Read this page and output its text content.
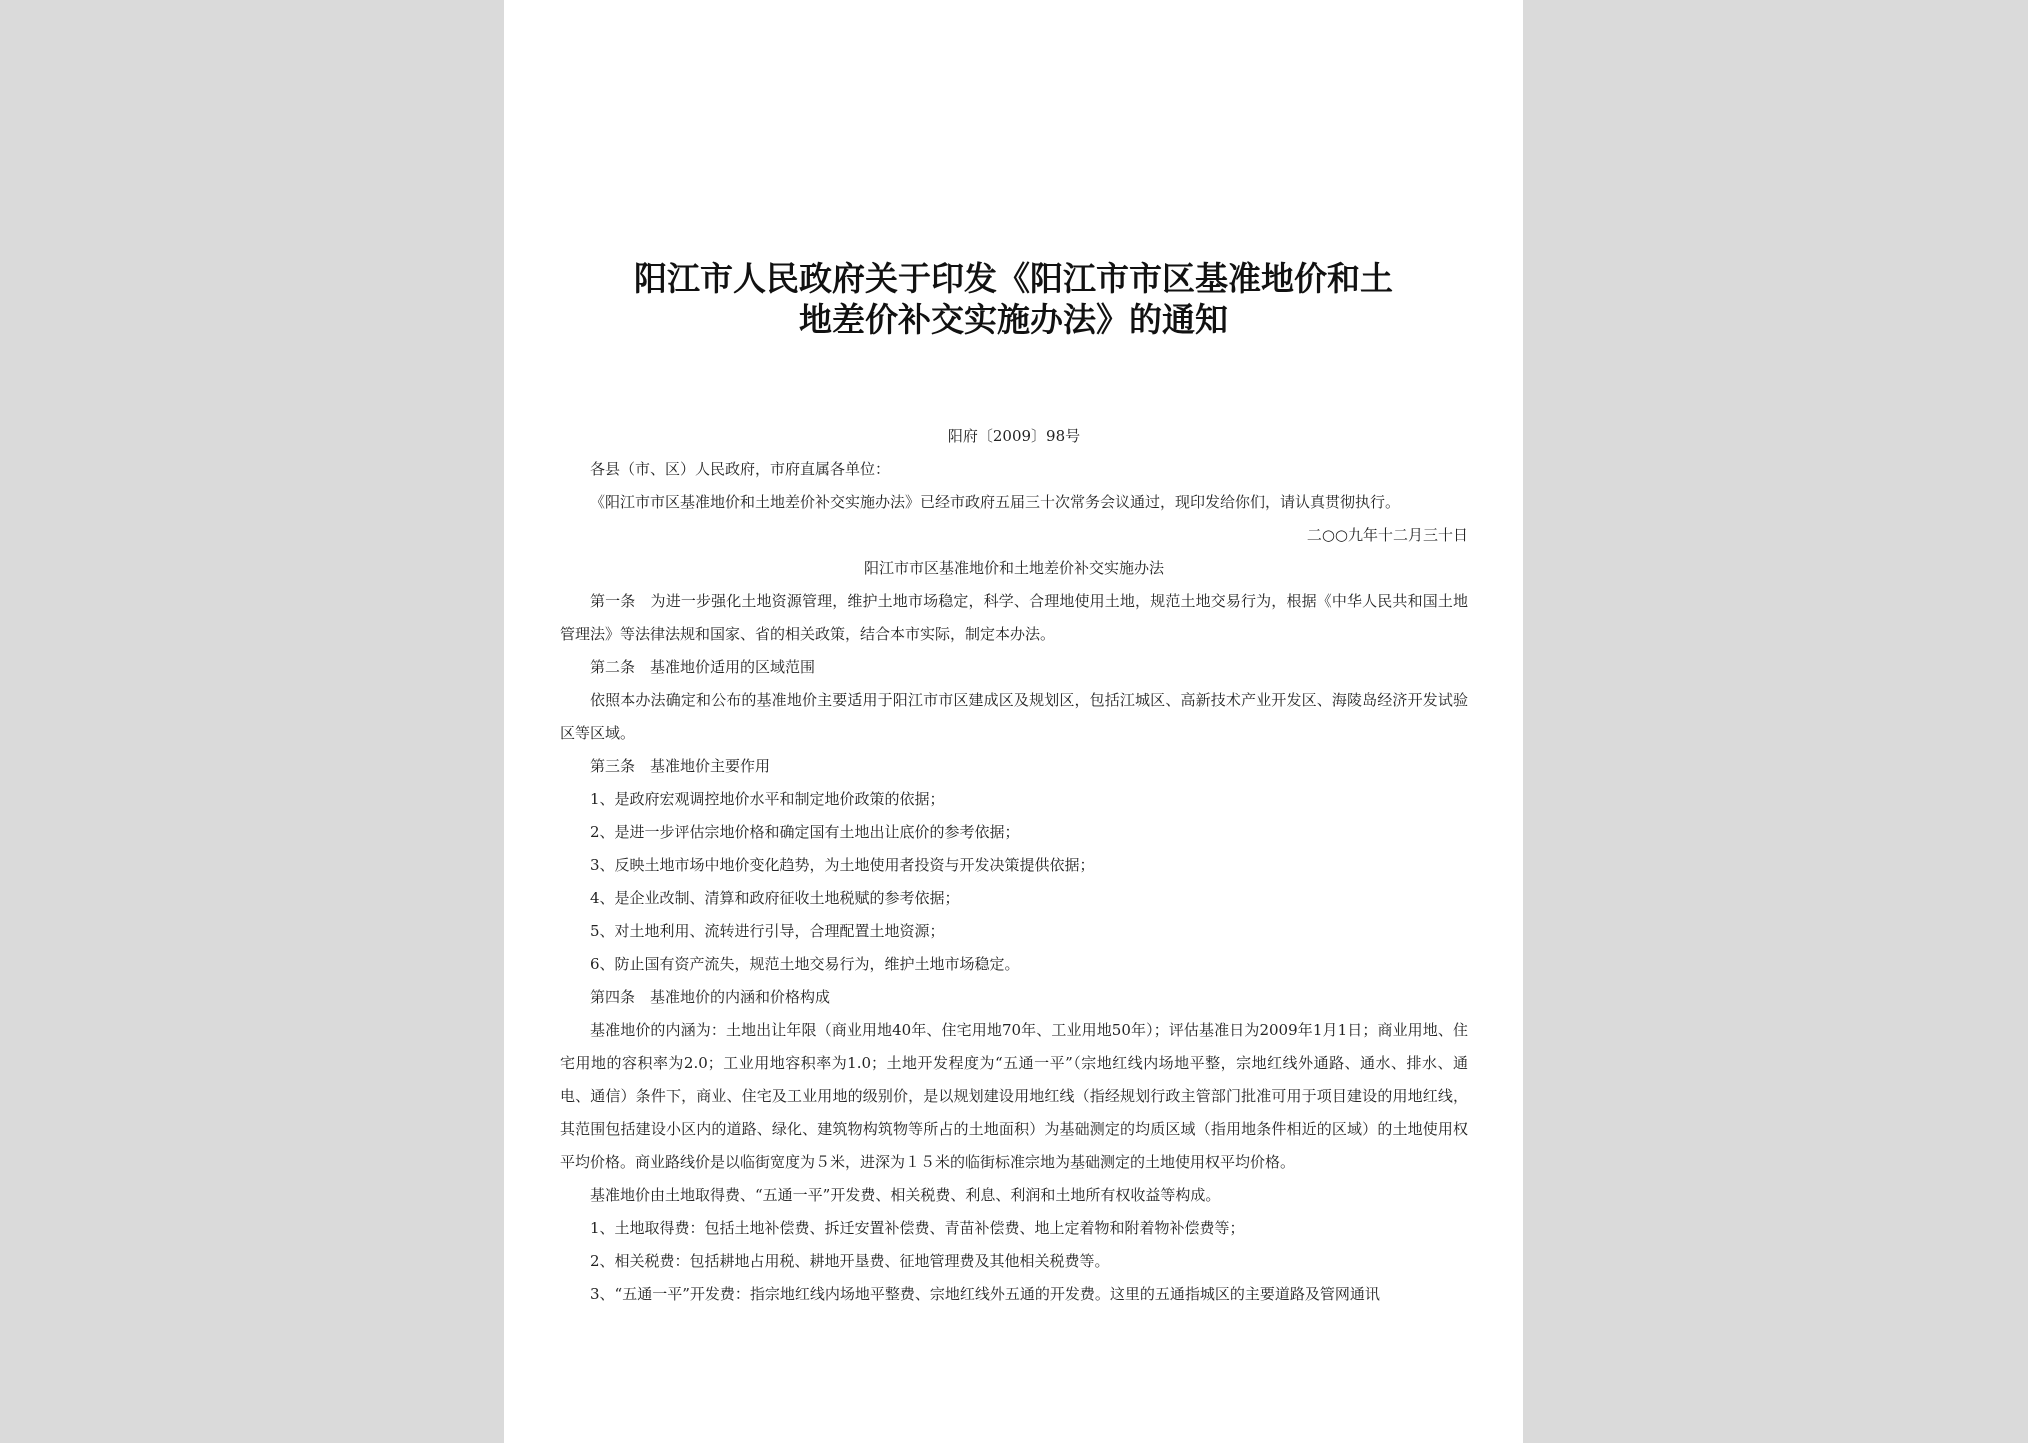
阳江市人民政府关于印发《阳江市市区基准地价和土
地差价补交实施办法》的通知

阳府〔2009〕98号

各县（市、区）人民政府，市府直属各单位：

《阳江市市区基准地价和土地差价补交实施办法》已经市政府五届三十次常务会议通过，现印发给你们，请认真贯彻执行。

二○○九年十二月三十日

阳江市市区基准地价和土地差价补交实施办法

第一条　为进一步强化土地资源管理，维护土地市场稳定，科学、合理地使用土地，规范土地交易行为，根据《中华人民共和国土地管理法》等法律法规和国家、省的相关政策，结合本市实际，制定本办法。

第二条　基准地价适用的区域范围

依照本办法确定和公布的基准地价主要适用于阳江市市区建成区及规划区，包括江城区、高新技术产业开发区、海陵岛经济开发试验区等区域。

第三条　基准地价主要作用

1、是政府宏观调控地价水平和制定地价政策的依据；

2、是进一步评估宗地价格和确定国有土地出让底价的参考依据；

3、反映土地市场中地价变化趋势，为土地使用者投资与开发决策提供依据；

4、是企业改制、清算和政府征收土地税赋的参考依据；

5、对土地利用、流转进行引导，合理配置土地资源；

6、防止国有资产流失，规范土地交易行为，维护土地市场稳定。

第四条　基准地价的内涵和价格构成

基准地价的内涵为：土地出让年限（商业用地40年、住宅用地70年、工业用地50年）；评估基准日为2009年1月1日；商业用地、住宅用地的容积率为2.0；工业用地容积率为1.0；土地开发程度为“五通一平”（宗地红线内场地平整，宗地红线外通路、通水、排水、通电、通信）条件下，商业、住宅及工业用地的级别价，是以规划建设用地红线（指经规划行政主管部门批准可用于项目建设的用地红线，其范围包括建设小区内的道路、绿化、建筑物构筑物等所占的土地面积）为基础测定的均质区域（指用地条件相近的区域）的土地使用权平均价格。商业路线价是以临街宽度为５米，进深为１５米的临街标准宗地为基础测定的土地使用权平均价格。

基准地价由土地取得费、“五通一平”开发费、相关税费、利息、利润和土地所有权收益等构成。

1、土地取得费：包括土地补偿费、拆迁安置补偿费、青苗补偿费、地上定着物和附着物补偿费等；

2、相关税费：包括耕地占用税、耕地开垦费、征地管理费及其他相关税费等。

3、“五通一平”开发费：指宗地红线内场地平整费、宗地红线外五通的开发费。这里的五通指城区的主要道路及管网通讯
